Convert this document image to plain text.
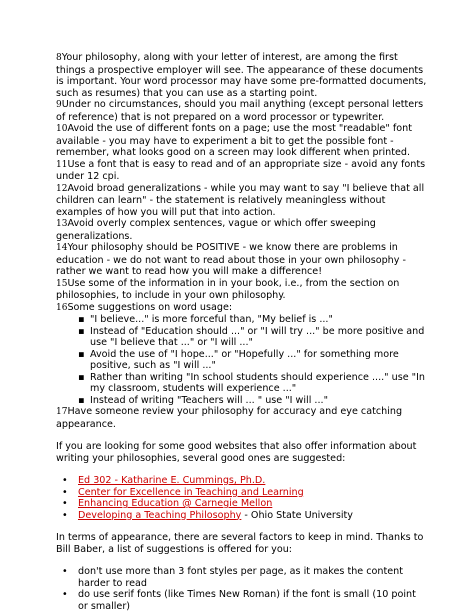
8Your philosophy, along with your letter of interest, are among the first things a prospective employer will see. The appearance of these documents is important. Your word processor may have some pre-formatted documents, such as resumes) that you can use as a starting point.

9Under no circumstances, should you mail anything (except personal letters of reference) that is not prepared on a word processor or typewriter.

10Avoid the use of different fonts on a page; use the most "readable" font available - you may have to experiment a bit to get the possible font - remember, what looks good on a screen may look different when printed.

11Use a font that is easy to read and of an appropriate size - avoid any fonts under 12 cpi.

12Avoid broad generalizations - while you may want to say "I believe that all children can learn" - the statement is relatively meaningless without examples of how you will put that into action.

13Avoid overly complex sentences, vague or which offer sweeping generalizations.

14Your philosophy should be POSITIVE - we know there are problems in education - we do not want to read about those in your own philosophy - rather we want to read how you will make a difference!

15Use some of the information in in your book, i.e., from the section on philosophies, to include in your own philosophy.

16Some suggestions on word usage:

▪ "I believe..." is more forceful than, "My belief is ..."
▪ Instead of "Education should ..." or "I will try ..." be more positive and use "I believe that ..." or "I will ..."
▪ Avoid the use of "I hope..." or "Hopefully ..." for something more positive, such as "I will ..."
▪ Rather than writing "In school students should experience ...." use "In my classroom, students will experience ..."
▪ Instead of writing "Teachers will ... " use "I will ..."

17Have someone review your philosophy for accuracy and eye catching appearance.

If you are looking for some good websites that also offer information about writing your philosophies, several good ones are suggested:

• Ed 302 - Katharine E. Cummings, Ph.D.
• Center for Excellence in Teaching and Learning
• Enhancing Education @ Carnegie Mellon
• Developing a Teaching Philosophy - Ohio State University

In terms of appearance, there are several factors to keep in mind. Thanks to Bill Baber, a list of suggestions is offered for you:

• don't use more than 3 font styles per page, as it makes the content harder to read
• do use serif fonts (like Times New Roman) if the font is small (10 point or smaller)
